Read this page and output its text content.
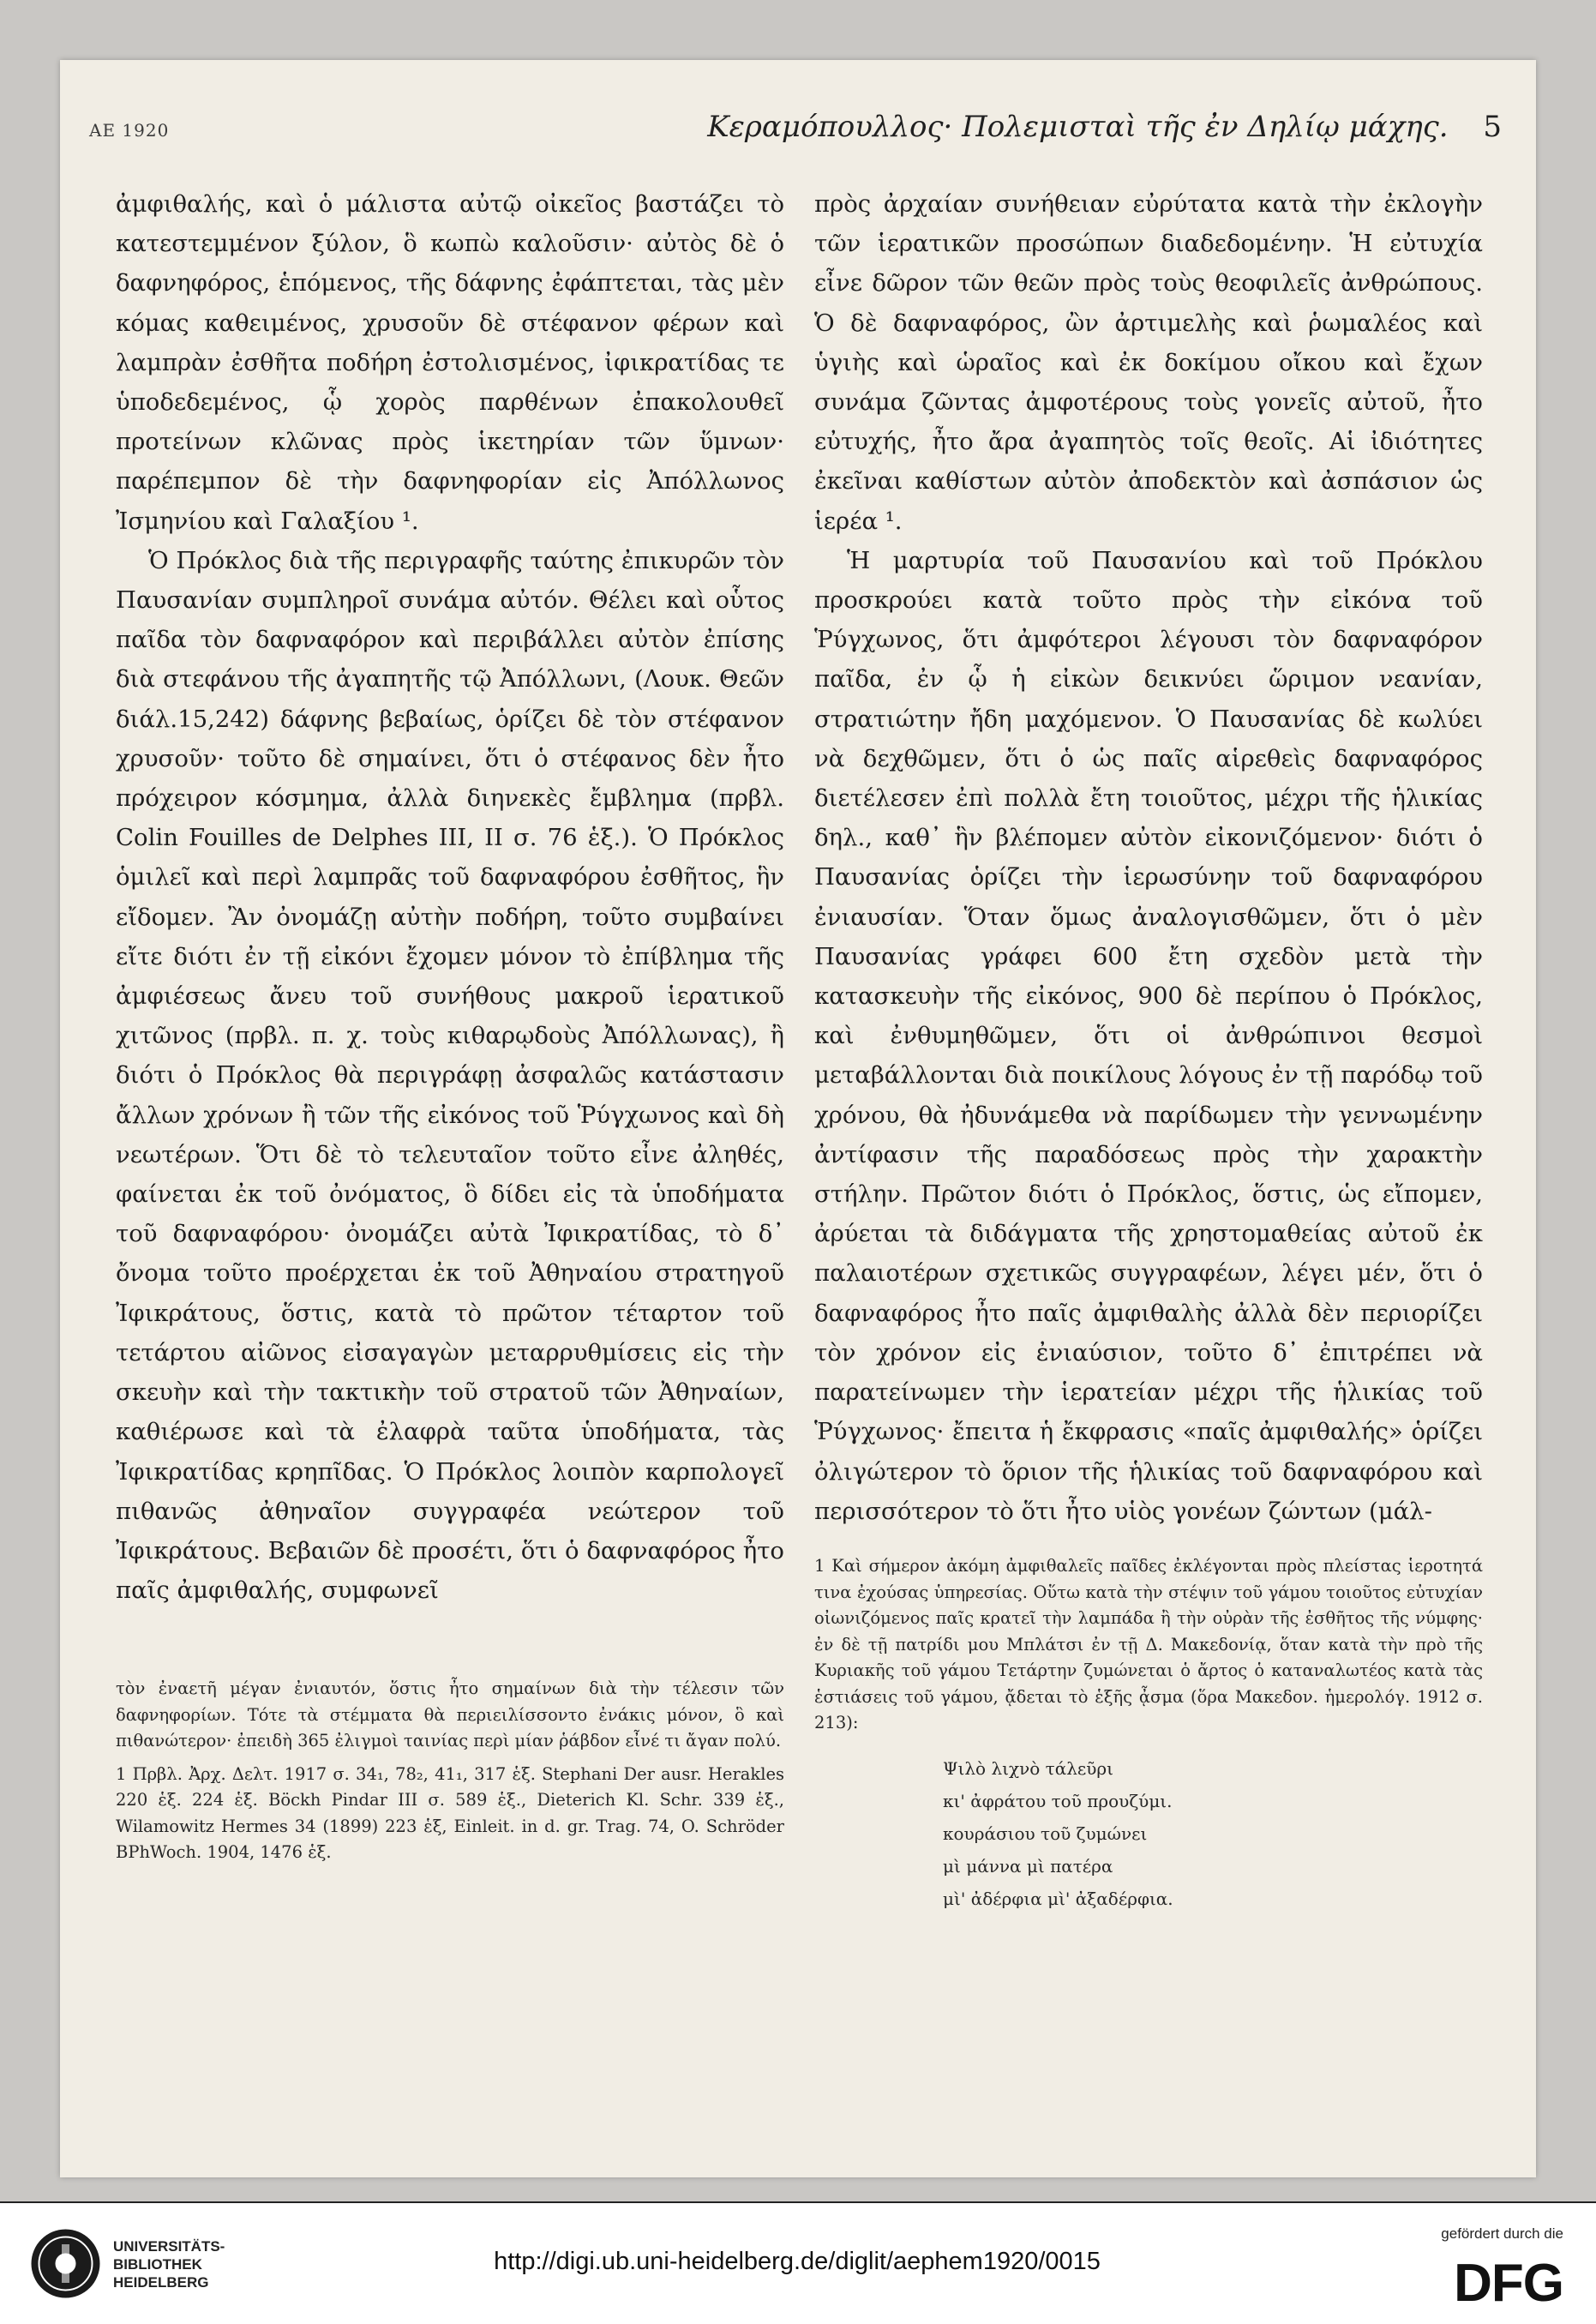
ΑΕ 1920	Κεραμόπουλλος· Πολεμισταὶ τῆς ἐν Δηλίῳ μάχης. 5

ἀμφιθαλής, καὶ ὁ μάλιστα αὐτῷ οἰκεῖος βαστάζει τὸ κατεστεμμένον ξύλον, ὃ κωπὼ καλοῦσιν· αὐτὸς δὲ ὁ δαφνηφόρος, ἑπόμενος, τῆς δάφνης ἐφάπτεται, τὰς μὲν κόμας καθειμένος, χρυσοῦν δὲ στέφανον φέρων καὶ λαμπρὰν ἐσθῆτα ποδήρη ἐστολισμένος, ἰφικρατίδας τε ὑποδεδεμένος, ᾧ χορὸς παρθένων ἐπακολουθεῖ προτείνων κλῶνας πρὸς ἱκετηρίαν τῶν ὕμνων· παρέπεμπον δὲ τὴν δαφνηφορίαν εἰς Ἀπόλλωνος Ἰσμηνίου καὶ Γαλαξίου ¹.

Ὁ Πρόκλος διὰ τῆς περιγραφῆς ταύτης ἐπικυρῶν τὸν Παυσανίαν συμπληροῖ συνάμα αὐτόν. Θέλει καὶ οὗτος παῖδα τὸν δαφναφόρον καὶ περιβάλλει αὐτὸν ἐπίσης διὰ στεφάνου τῆς ἀγαπητῆς τῷ Ἀπόλλωνι, (Λουκ. Θεῶν διάλ.15,242) δάφνης βεβαίως, ὁρίζει δὲ τὸν στέφανον χρυσοῦν· τοῦτο δὲ σημαίνει, ὅτι ὁ στέφανος δὲν ἦτο πρόχειρον κόσμημα, ἀλλὰ διηνεκὲς ἔμβλημα (πρβλ. Colin Fouilles de Delphes III, II σ. 76 ἑξ.). Ὁ Πρόκλος ὁμιλεῖ καὶ περὶ λαμπρᾶς τοῦ δαφναφόρου ἐσθῆτος, ἣν εἴδομεν. Ἂν ὀνομάζῃ αὐτὴν ποδήρη, τοῦτο συμβαίνει εἴτε διότι ἐν τῇ εἰκόνι ἔχομεν μόνον τὸ ἐπίβλημα τῆς ἀμφιέσεως ἄνευ τοῦ συνήθους μακροῦ ἱερατικοῦ χιτῶνος (πρβλ. π. χ. τοὺς κιθαρῳδοὺς Ἀπόλλωνας), ἢ διότι ὁ Πρόκλος θὰ περιγράφῃ ἀσφαλῶς κατάστασιν ἄλλων χρόνων ἢ τῶν τῆς εἰκόνος τοῦ Ῥύγχωνος καὶ δὴ νεωτέρων. Ὅτι δὲ τὸ τελευταῖον τοῦτο εἶνε ἀληθές, φαίνεται ἐκ τοῦ ὀνόματος, ὃ δίδει εἰς τὰ ὑποδήματα τοῦ δαφναφόρου· ὀνομάζει αὐτὰ Ἰφικρατίδας, τὸ δ᾽ ὄνομα τοῦτο προέρχεται ἐκ τοῦ Ἀθηναίου στρατηγοῦ Ἰφικράτους, ὅστις, κατὰ τὸ πρῶτον τέταρτον τοῦ τετάρτου αἰῶνος εἰσαγαγὼν μεταρρυθμίσεις εἰς τὴν σκευὴν καὶ τὴν τακτικὴν τοῦ στρατοῦ τῶν Ἀθηναίων, καθιέρωσε καὶ τὰ ἐλαφρὰ ταῦτα ὑποδήματα, τὰς Ἰφικρατίδας κρηπῖδας. Ὁ Πρόκλος λοιπὸν καρπολογεῖ πιθανῶς ἀθηναῖον συγγραφέα νεώτερον τοῦ Ἰφικράτους. Βεβαιῶν δὲ προσέτι, ὅτι ὁ δαφναφόρος ἦτο παῖς ἀμφιθαλής, συμφωνεῖ

πρὸς ἀρχαίαν συνήθειαν εὐρύτατα κατὰ τὴν ἐκλογὴν τῶν ἱερατικῶν προσώπων διαδεδομένην. Ἡ εὐτυχία εἶνε δῶρον τῶν θεῶν πρὸς τοὺς θεοφιλεῖς ἀνθρώπους. Ὁ δὲ δαφναφόρος, ὢν ἀρτιμελὴς καὶ ῥωμαλέος καὶ ὑγιὴς καὶ ὡραῖος καὶ ἐκ δοκίμου οἴκου καὶ ἔχων συνάμα ζῶντας ἀμφοτέρους τοὺς γονεῖς αὐτοῦ, ἦτο εὐτυχής, ἦτο ἄρα ἀγαπητὸς τοῖς θεοῖς. Αἱ ἰδιότητες ἐκεῖναι καθίστων αὐτὸν ἀποδεκτὸν καὶ ἀσπάσιον ὡς ἱερέα ¹.

Ἡ μαρτυρία τοῦ Παυσανίου καὶ τοῦ Πρόκλου προσκρούει κατὰ τοῦτο πρὸς τὴν εἰκόνα τοῦ Ῥύγχωνος, ὅτι ἀμφότεροι λέγουσι τὸν δαφναφόρον παῖδα, ἐν ᾧ ἡ εἰκὼν δεικνύει ὥριμον νεανίαν, στρατιώτην ἤδη μαχόμενον. Ὁ Παυσανίας δὲ κωλύει νὰ δεχθῶμεν, ὅτι ὁ ὡς παῖς αἱρεθεὶς δαφναφόρος διετέλεσεν ἐπὶ πολλὰ ἔτη τοιοῦτος, μέχρι τῆς ἡλικίας δηλ., καθ᾽ ἣν βλέπομεν αὐτὸν εἰκονιζόμενον· διότι ὁ Παυσανίας ὁρίζει τὴν ἱερωσύνην τοῦ δαφναφόρου ἐνιαυσίαν. Ὅταν ὅμως ἀναλογισθῶμεν, ὅτι ὁ μὲν Παυσανίας γράφει 600 ἔτη σχεδὸν μετὰ τὴν κατασκευὴν τῆς εἰκόνος, 900 δὲ περίπου ὁ Πρόκλος, καὶ ἐνθυμηθῶμεν, ὅτι οἱ ἀνθρώπινοι θεσμοὶ μεταβάλλονται διὰ ποικίλους λόγους ἐν τῇ παρόδῳ τοῦ χρόνου, θὰ ἠδυνάμεθα νὰ παρίδωμεν τὴν γεννωμένην ἀντίφασιν τῆς παραδόσεως πρὸς τὴν χαρακτὴν στήλην. Πρῶτον διότι ὁ Πρόκλος, ὅστις, ὡς εἴπομεν, ἀρύεται τὰ διδάγματα τῆς χρηστομαθείας αὐτοῦ ἐκ παλαιοτέρων σχετικῶς συγγραφέων, λέγει μέν, ὅτι ὁ δαφναφόρος ἦτο παῖς ἀμφιθαλὴς ἀλλὰ δὲν περιορίζει τὸν χρόνον εἰς ἐνιαύσιον, τοῦτο δ᾽ ἐπιτρέπει νὰ παρατείνωμεν τὴν ἱερατείαν μέχρι τῆς ἡλικίας τοῦ Ῥύγχωνος· ἔπειτα ἡ ἔκφρασις «παῖς ἀμφιθαλής» ὁρίζει ὀλιγώτερον τὸ ὅριον τῆς ἡλικίας τοῦ δαφναφόρου καὶ περισσότερον τὸ ὅτι ἦτο υἱὸς γονέων ζώντων (μάλ-

τὸν ἐναετῆ μέγαν ἐνιαυτόν, ὅστις ἦτο σημαίνων διὰ τὴν τέλεσιν τῶν δαφνηφορίων. Τότε τὰ στέμματα θὰ περιειλίσσοντο ἐνάκις μόνον, ὃ καὶ πιθανώτερον· ἐπειδὴ 365 ἐλιγμοὶ ταινίας περὶ μίαν ῥάβδον εἶνέ τι ἄγαν πολύ.

1 Πρβλ. Ἀρχ. Δελτ. 1917 σ. 34₁, 78₂, 41₁, 317 ἑξ. Stephani Der ausr. Herakles 220 ἑξ. 224 ἑξ. Böckh Pindar III σ. 589 ἑξ., Dieterich Kl. Schr. 339 ἑξ., Wilamowitz Hermes 34 (1899) 223 ἑξ, Einleit. in d. gr. Trag. 74, O. Schröder BPhWoch. 1904, 1476 ἑξ.

1 Καὶ σήμερον ἀκόμη ἀμφιθαλεῖς παῖδες ἐκλέγονται πρὸς πλείστας ἱεροτητά τινα ἐχούσας ὑπηρεσίας. Οὕτω κατὰ τὴν στέψιν τοῦ γάμου τοιοῦτος εὐτυχίαν οἰωνιζόμενος παῖς κρατεῖ τὴν λαμπάδα ἢ τὴν οὐρὰν τῆς ἐσθῆτος τῆς νύμφης· ἐν δὲ τῇ πατρίδι μου Μπλάτσι ἐν τῇ Δ. Μακεδονίᾳ, ὅταν κατὰ τὴν πρὸ τῆς Κυριακῆς τοῦ γάμου Τετάρτην ζυμώνεται ὁ ἄρτος ὁ καταναλωτέος κατὰ τὰς ἑστιάσεις τοῦ γάμου, ᾄδεται τὸ ἑξῆς ᾆσμα (ὅρα Μακεδον. ἡμερολόγ. 1912 σ. 213):

Ψιλὸ λιχνὸ τάλεῦρι
κι' ἀφράτου τοῦ προυζύμι.
κουράσιου τοῦ ζυμώνει
μὶ μάννα μὶ πατέρα
μὶ' ἀδέρφια μὶ' ἀξαδέρφια.
UNIVERSITÄTS-
BIBLIOTHEK
HEIDELBERG
http://digi.ub.uni-heidelberg.de/diglit/aephem1920/0015
gefördert durch die
DFG
